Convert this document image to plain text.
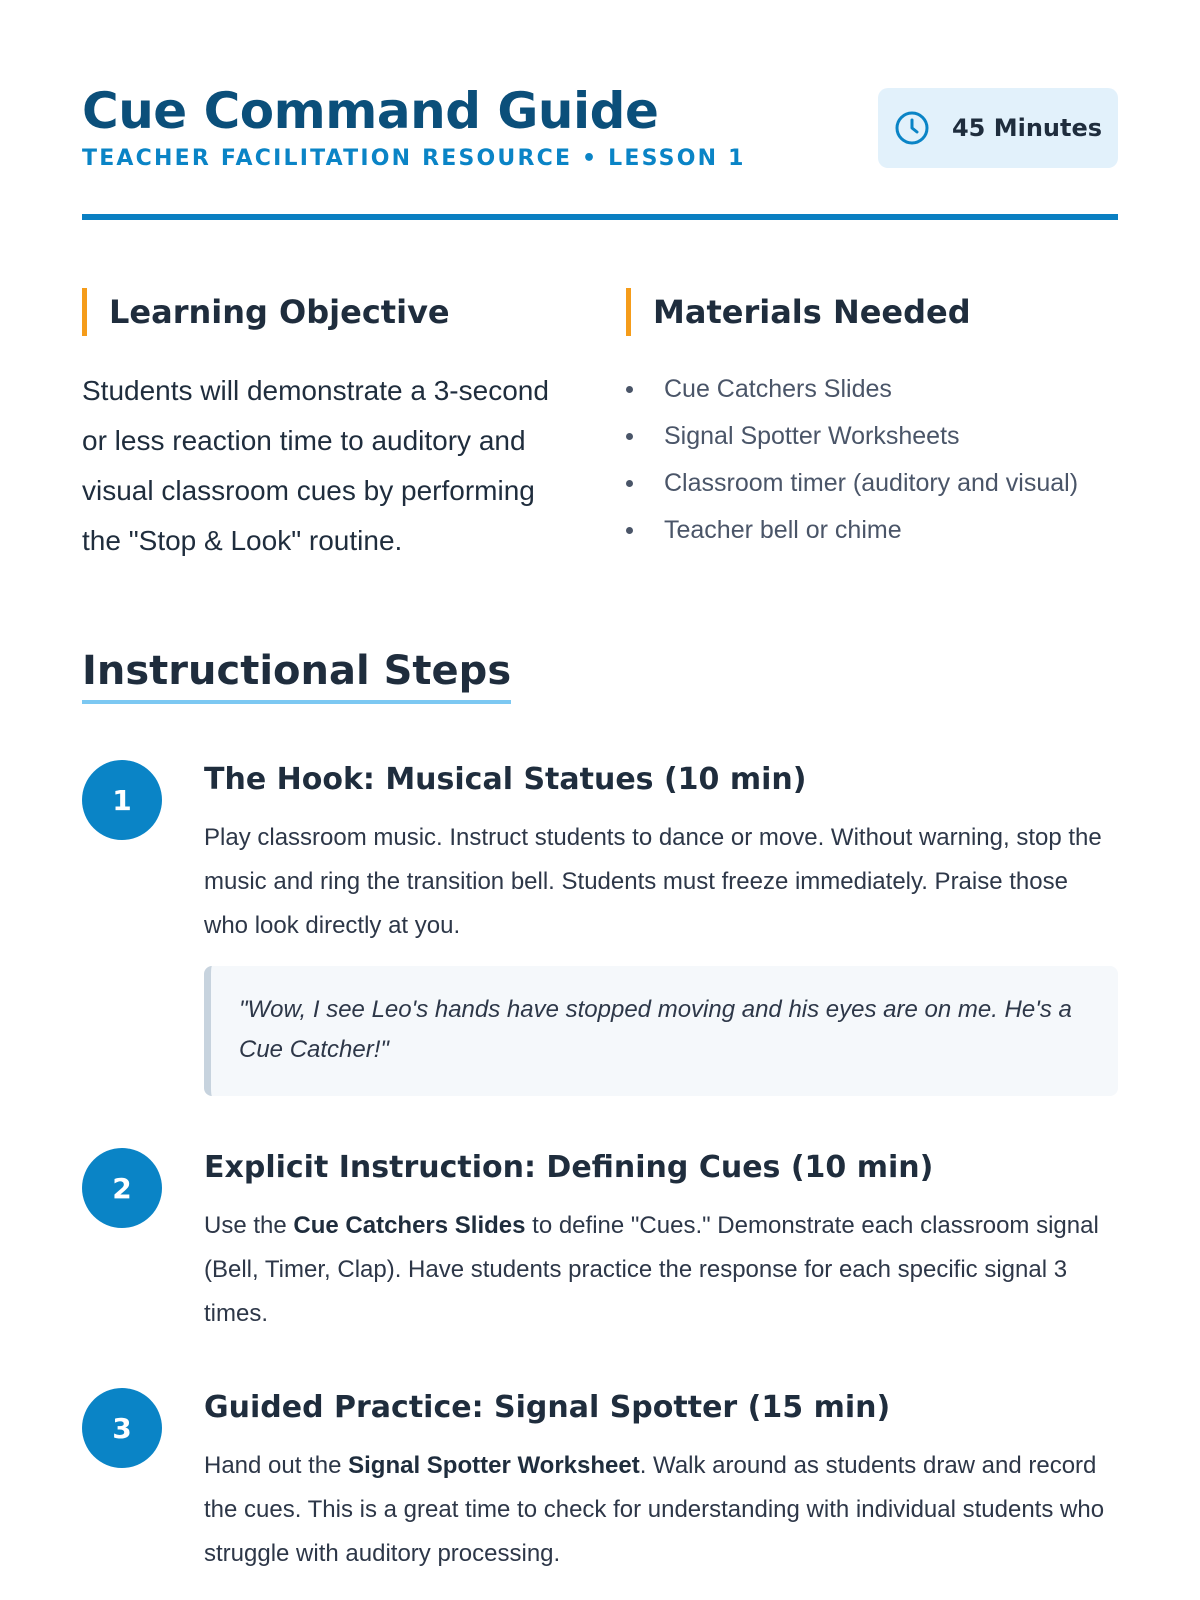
Cue Command Guide
TEACHER FACILITATION RESOURCE • LESSON 1
45 Minutes
Learning Objective
Students will demonstrate a 3-second or less reaction time to auditory and visual classroom cues by performing the "Stop & Look" routine.
Materials Needed
Cue Catchers Slides
Signal Spotter Worksheets
Classroom timer (auditory and visual)
Teacher bell or chime
Instructional Steps
1
The Hook: Musical Statues (10 min)
Play classroom music. Instruct students to dance or move. Without warning, stop the music and ring the transition bell. Students must freeze immediately. Praise those who look directly at you.
"Wow, I see Leo's hands have stopped moving and his eyes are on me. He's a Cue Catcher!"
2
Explicit Instruction: Defining Cues (10 min)
Use the Cue Catchers Slides to define "Cues." Demonstrate each classroom signal (Bell, Timer, Clap). Have students practice the response for each specific signal 3 times.
3
Guided Practice: Signal Spotter (15 min)
Hand out the Signal Spotter Worksheet. Walk around as students draw and record the cues. This is a great time to check for understanding with individual students who struggle with auditory processing.
